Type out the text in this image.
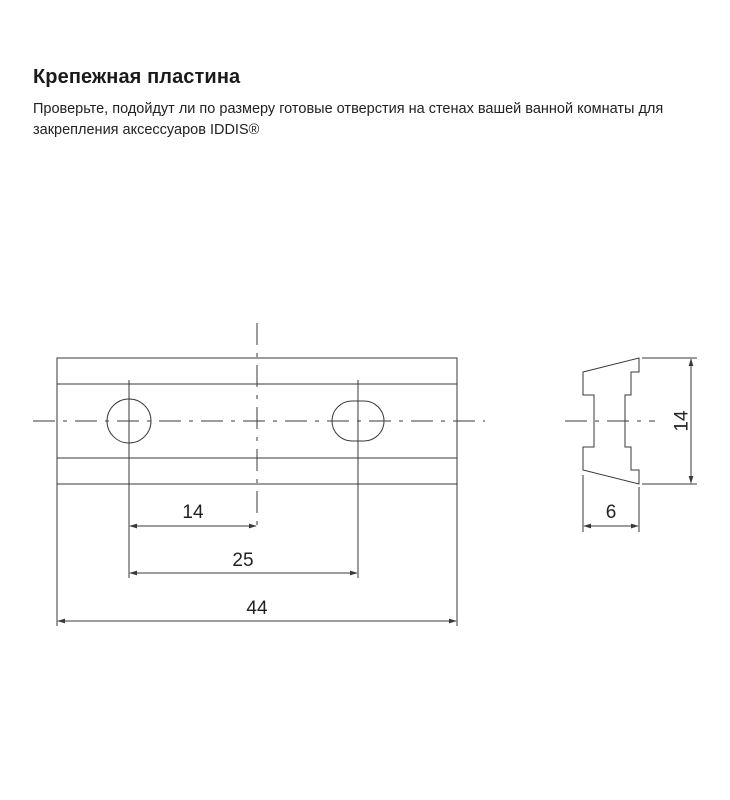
Крепежная пластина

Проверьте, подойдут ли по размеру готовые отверстия на стенах вашей ванной комнаты для закрепления аксессуаров IDDIS®

14
25
44
14
6
